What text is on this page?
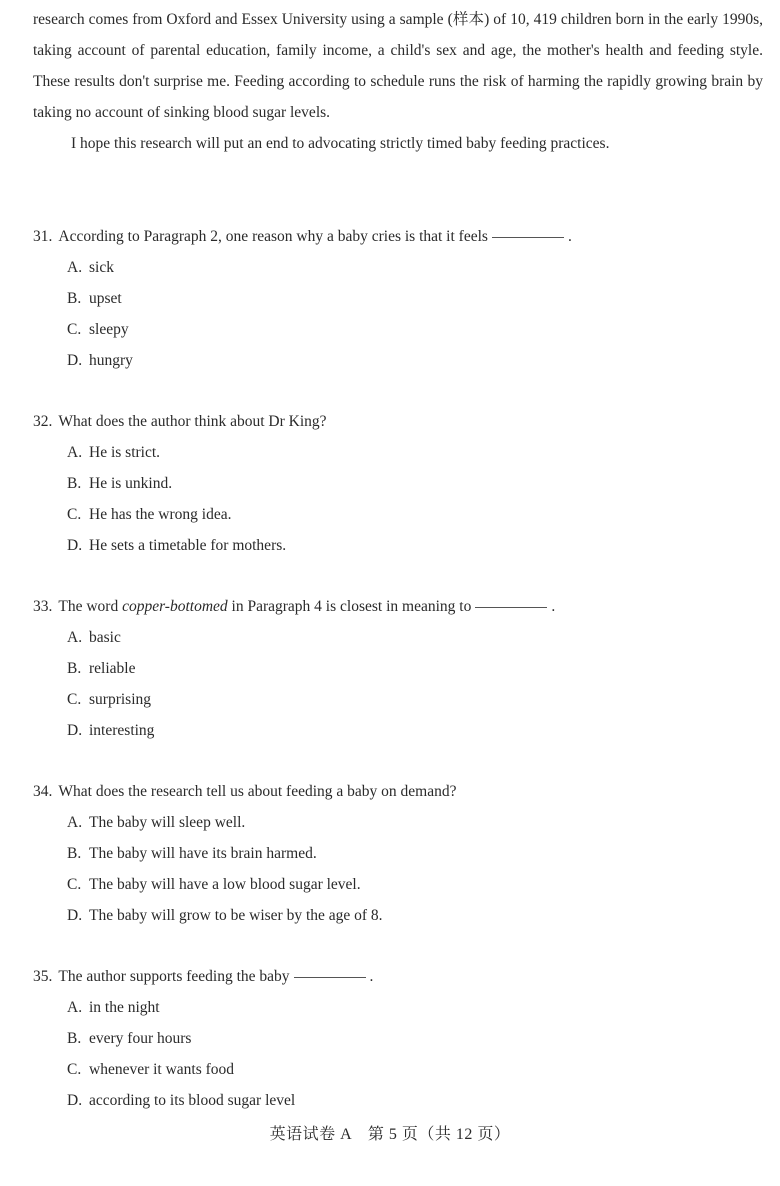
research comes from Oxford and Essex University using a sample (样本) of 10, 419 children born in the early 1990s, taking account of parental education, family income, a child's sex and age, the mother's health and feeding style. These results don't surprise me. Feeding according to schedule runs the risk of harming the rapidly growing brain by taking no account of sinking blood sugar levels.

I hope this research will put an end to advocating strictly timed baby feeding practices.

31. According to Paragraph 2, one reason why a baby cries is that it feels	.
A. sick
B. upset
C. sleepy
D. hungry
32. What does the author think about Dr King?
A. He is strict.
B. He is unkind.
C. He has the wrong idea.
D. He sets a timetable for mothers.
33. The word copper-bottomed in Paragraph 4 is closest in meaning to	.
A. basic
B. reliable
C. surprising
D. interesting
34. What does the research tell us about feeding a baby on demand?
A. The baby will sleep well.
B. The baby will have its brain harmed.
C. The baby will have a low blood sugar level.
D. The baby will grow to be wiser by the age of 8.
35. The author supports feeding the baby	.
A. in the night
B. every four hours
C. whenever it wants food
D. according to its blood sugar level
英语试卷 A　第 5 页（共 12 页）
